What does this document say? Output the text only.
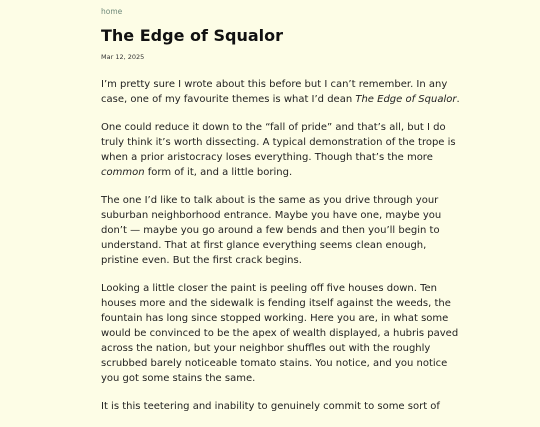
home
The Edge of Squalor
Mar 12, 2025

I’m pretty sure I wrote about this before but I can’t remember. In any
case, one of my favourite themes is what I’d dean The Edge of Squalor.

One could reduce it down to the “fall of pride” and that’s all, but I do
truly think it’s worth dissecting. A typical demonstration of the trope is
when a prior aristocracy loses everything. Though that’s the more
common form of it, and a little boring.

The one I’d like to talk about is the same as you drive through your
suburban neighborhood entrance. Maybe you have one, maybe you
don’t — maybe you go around a few bends and then you’ll begin to
understand. That at first glance everything seems clean enough,
pristine even. But the first crack begins.

Looking a little closer the paint is peeling off five houses down. Ten
houses more and the sidewalk is fending itself against the weeds, the
fountain has long since stopped working. Here you are, in what some
would be convinced to be the apex of wealth displayed, a hubris paved
across the nation, but your neighbor shuffles out with the roughly
scrubbed barely noticeable tomato stains. You notice, and you notice
you got some stains the same.

It is this teetering and inability to genuinely commit to some sort of
